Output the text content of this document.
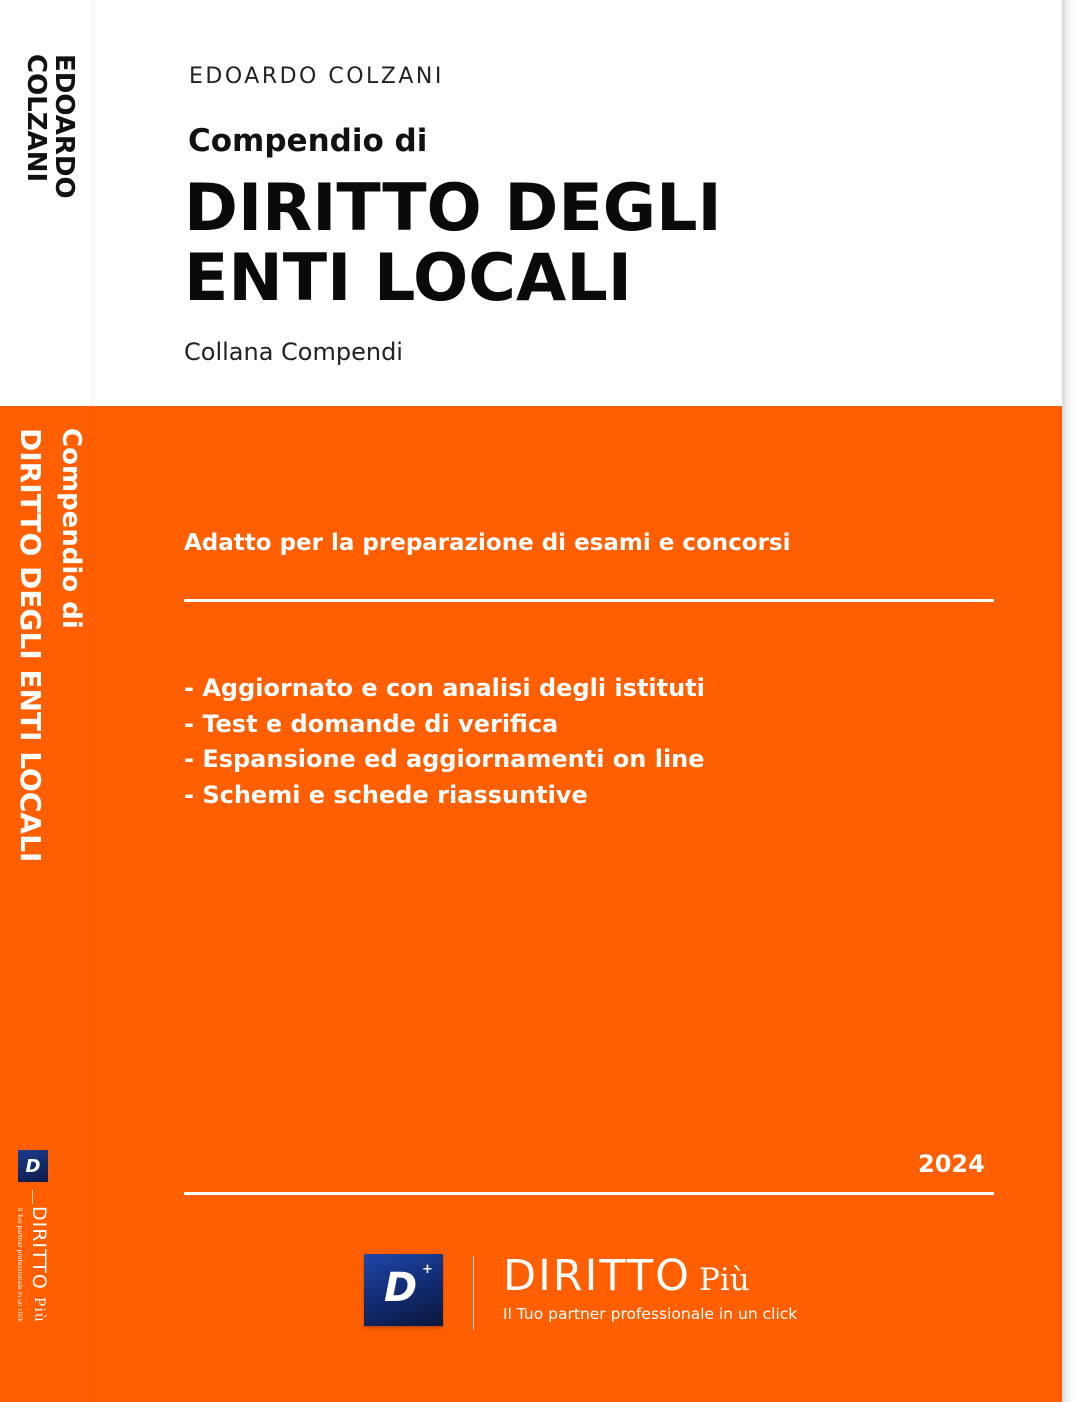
EDOARDO
COLZANI
Compendio di
DIRITTO DEGLI ENTI LOCALI
D
DIRITTO Più
Il Tuo partner professionale in un click
EDOARDO COLZANI
Compendio di
DIRITTO DEGLI
ENTI LOCALI
Collana Compendi
Adatto per la preparazione di esami e concorsi
- Aggiornato e con analisi degli istituti
- Test e domande di verifica
- Espansione ed aggiornamenti on line
- Schemi e schede riassuntive
2024
D + DIRITTO Più
Il Tuo partner professionale in un click
